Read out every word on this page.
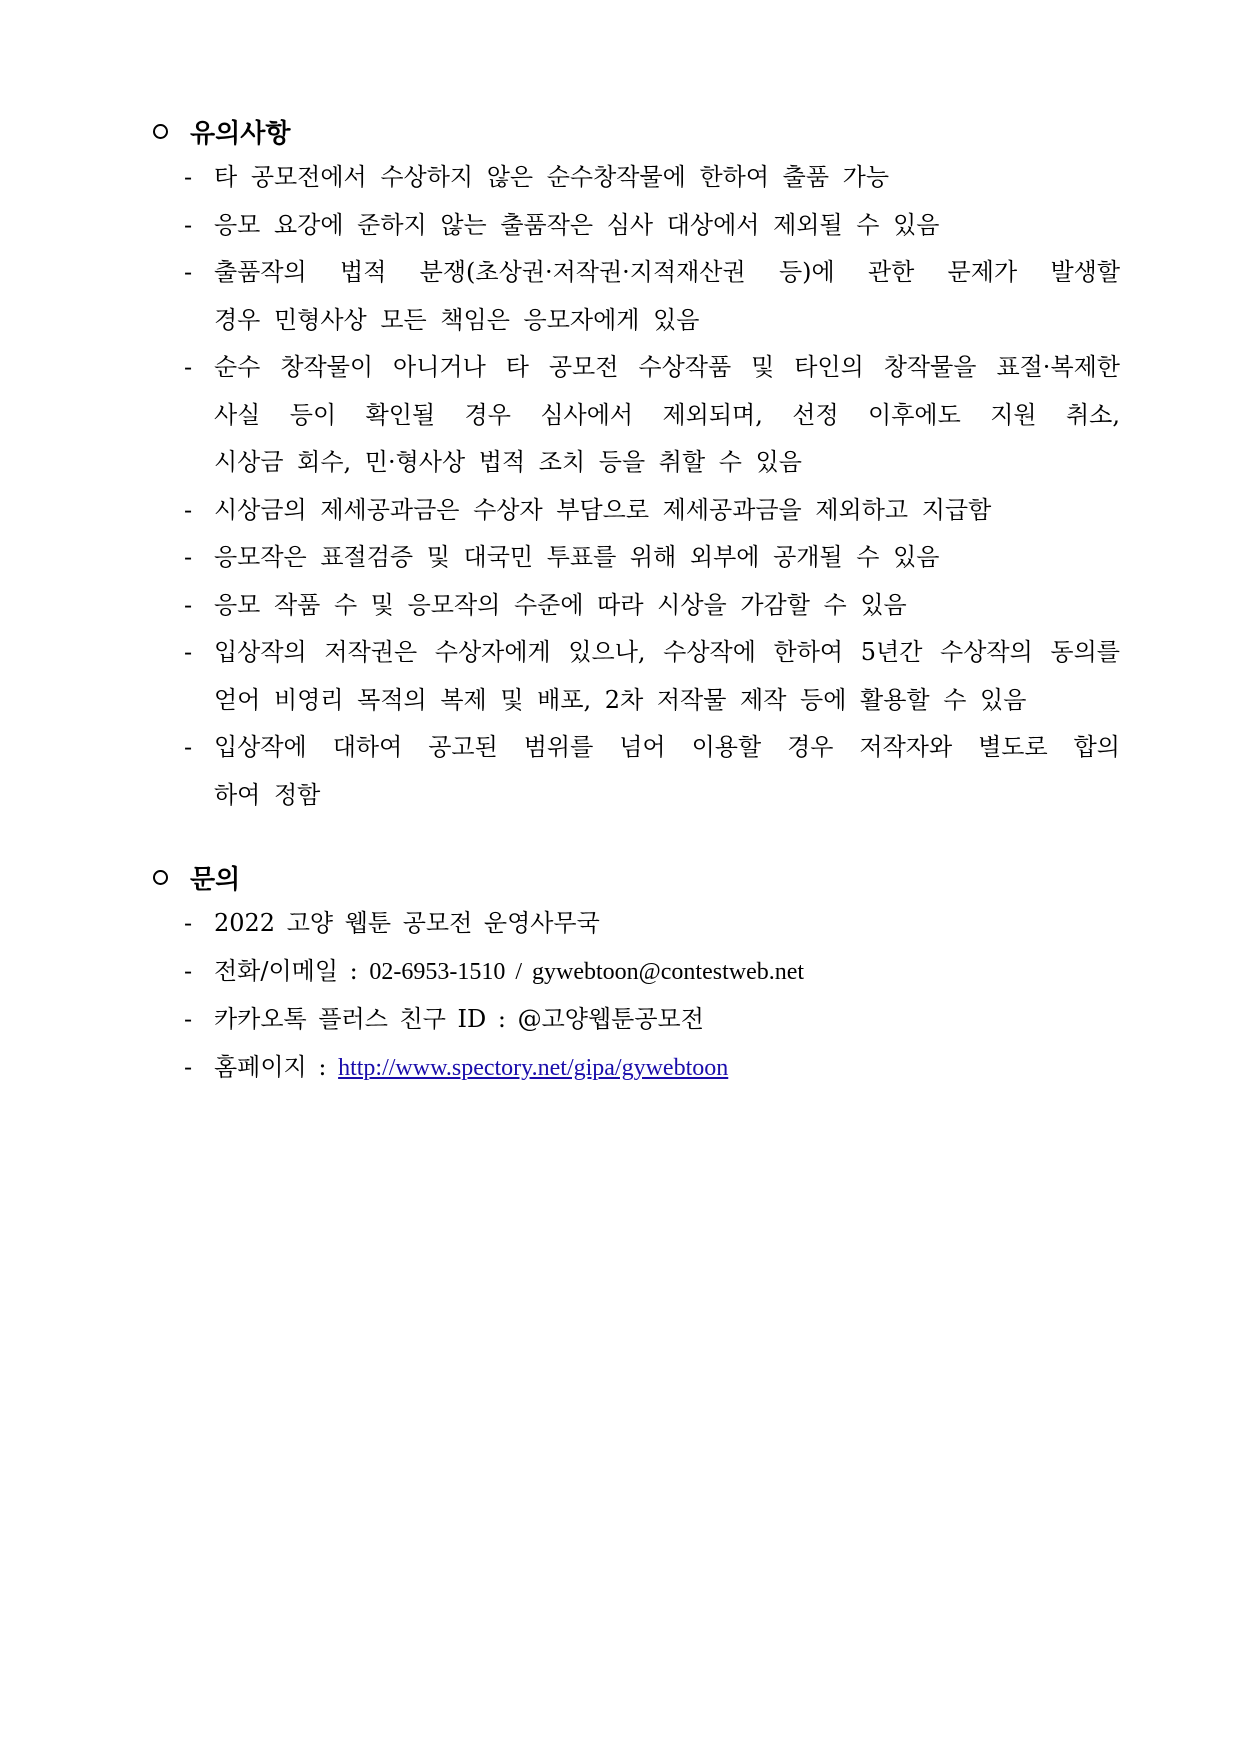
유의사항
- 타 공모전에서 수상하지 않은 순수창작물에 한하여 출품 가능
- 응모 요강에 준하지 않는 출품작은 심사 대상에서 제외될 수 있음
- 출품작의 법적 분쟁(초상권·저작권·지적재산권 등)에 관한 문제가 발생할
경우 민형사상 모든 책임은 응모자에게 있음
- 순수 창작물이 아니거나 타 공모전 수상작품 및 타인의 창작물을 표절·복제한
사실 등이 확인될 경우 심사에서 제외되며, 선정 이후에도 지원 취소,
시상금 회수, 민·형사상 법적 조치 등을 취할 수 있음
- 시상금의 제세공과금은 수상자 부담으로 제세공과금을 제외하고 지급함
- 응모작은 표절검증 및 대국민 투표를 위해 외부에 공개될 수 있음
- 응모 작품 수 및 응모작의 수준에 따라 시상을 가감할 수 있음
- 입상작의 저작권은 수상자에게 있으나, 수상작에 한하여 5년간 수상작의 동의를
얻어 비영리 목적의 복제 및 배포, 2차 저작물 제작 등에 활용할 수 있음
- 입상작에 대하여 공고된 범위를 넘어 이용할 경우 저작자와 별도로 합의
하여 정함
문의
- 2022 고양 웹툰 공모전 운영사무국
- 전화/이메일 : 02-6953-1510 / gywebtoon@contestweb.net
- 카카오톡 플러스 친구 ID : @고양웹툰공모전
- 홈페이지 : http://www.spectory.net/gipa/gywebtoon
